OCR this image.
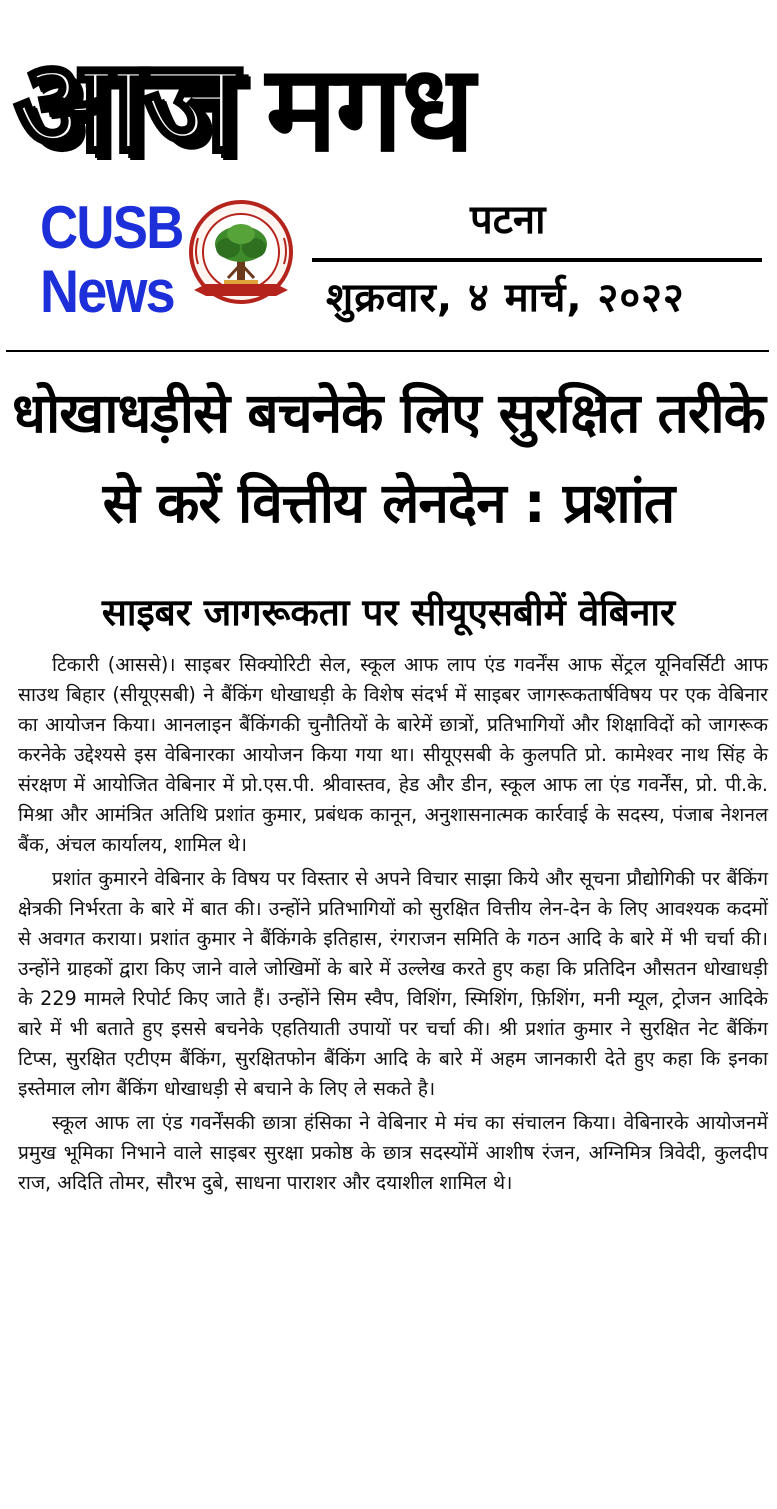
आज मगध
CUSB
News
पटना
शुक्रवार, ४ मार्च, २०२२
धोखाधड़ीसे बचनेके लिए सुरक्षित तरीके से करें वित्तीय लेनदेन : प्रशांत
साइबर जागरूकता पर सीयूएसबीमें वेबिनार

टिकारी (आससे)। साइबर सिक्योरिटी सेल, स्कूल आफ लाप एंड गवर्नेंस आफ सेंट्रल यूनिवर्सिटी आफ साउथ बिहार (सीयूएसबी) ने बैंकिंग धोखाधड़ी के विशेष संदर्भ में साइबर जागरूकतार्षविषय पर एक वेबिनार का आयोजन किया। आनलाइन बैंकिंगकी चुनौतियों के बारेमें छात्रों, प्रतिभागियों और शिक्षाविदों को जागरूक करनेके उद्देश्यसे इस वेबिनारका आयोजन किया गया था। सीयूएसबी के कुलपति प्रो. कामेश्वर नाथ सिंह के संरक्षण में आयोजित वेबिनार में प्रो.एस.पी. श्रीवास्तव, हेड और डीन, स्कूल आफ ला एंड गवर्नेंस, प्रो. पी.के. मिश्रा और आमंत्रित अतिथि प्रशांत कुमार, प्रबंधक कानून, अनुशासनात्मक कार्रवाई के सदस्य, पंजाब नेशनल बैंक, अंचल कार्यालय, शामिल थे।

प्रशांत कुमारने वेबिनार के विषय पर विस्तार से अपने विचार साझा किये और सूचना प्रौद्योगिकी पर बैंकिंग क्षेत्रकी निर्भरता के बारे में बात की। उन्होंने प्रतिभागियों को सुरक्षित वित्तीय लेन-देन के लिए आवश्यक कदमों से अवगत कराया। प्रशांत कुमार ने बैंकिंगके इतिहास, रंगराजन समिति के गठन आदि के बारे में भी चर्चा की। उन्होंने ग्राहकों द्वारा किए जाने वाले जोखिमों के बारे में उल्लेख करते हुए कहा कि प्रतिदिन औसतन धोखाधड़ी के 229 मामले रिपोर्ट किए जाते हैं। उन्होंने सिम स्वैप, विशिंग, स्मिशिंग, फ़िशिंग, मनी म्यूल, ट्रोजन आदिके बारे में भी बताते हुए इससे बचनेके एहतियाती उपायों पर चर्चा की। श्री प्रशांत कुमार ने सुरक्षित नेट बैंकिंग टिप्स, सुरक्षित एटीएम बैंकिंग, सुरक्षितफोन बैंकिंग आदि के बारे में अहम जानकारी देते हुए कहा कि इनका इस्तेमाल लोग बैंकिंग धोखाधड़ी से बचाने के लिए ले सकते है।

स्कूल आफ ला एंड गवर्नेंसकी छात्रा हंसिका ने वेबिनार मे मंच का संचालन किया। वेबिनारके आयोजनमें प्रमुख भूमिका निभाने वाले साइबर सुरक्षा प्रकोष्ठ के छात्र सदस्योंमें आशीष रंजन, अग्निमित्र त्रिवेदी, कुलदीप राज, अदिति तोमर, सौरभ दुबे, साधना पाराशर और दयाशील शामिल थे।
